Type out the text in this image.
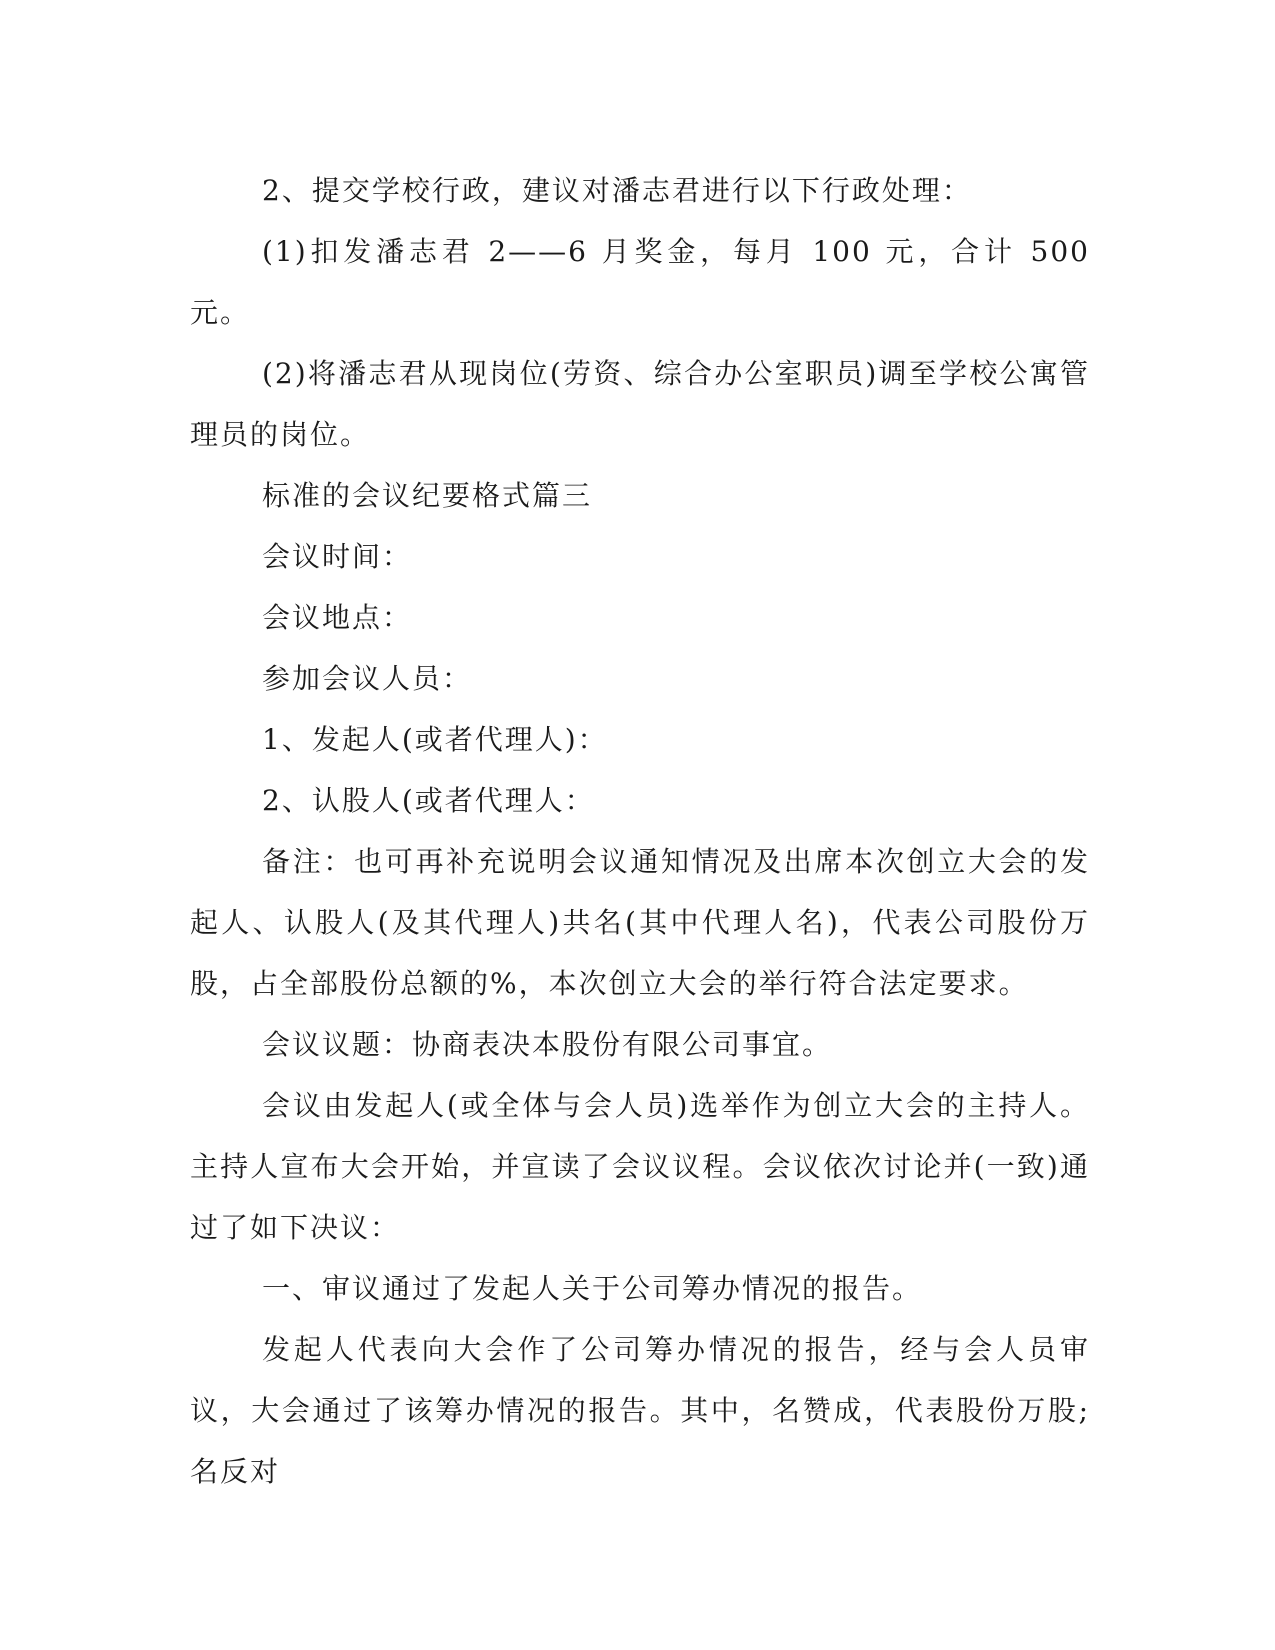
2、提交学校行政，建议对潘志君进行以下行政处理：

(1)扣发潘志君 2——6 月奖金，每月 100 元，合计 500 元。

(2)将潘志君从现岗位(劳资、综合办公室职员)调至学校公寓管理员的岗位。

标准的会议纪要格式篇三

会议时间：

会议地点：

参加会议人员：

1、发起人(或者代理人)：

2、认股人(或者代理人：

备注：也可再补充说明会议通知情况及出席本次创立大会的发起人、认股人(及其代理人)共名(其中代理人名)，代表公司股份万股，占全部股份总额的%，本次创立大会的举行符合法定要求。

会议议题：协商表决本股份有限公司事宜。

会议由发起人(或全体与会人员)选举作为创立大会的主持人。主持人宣布大会开始，并宣读了会议议程。会议依次讨论并(一致)通过了如下决议：

一、审议通过了发起人关于公司筹办情况的报告。

发起人代表向大会作了公司筹办情况的报告，经与会人员审议，大会通过了该筹办情况的报告。其中，名赞成，代表股份万股;名反对
